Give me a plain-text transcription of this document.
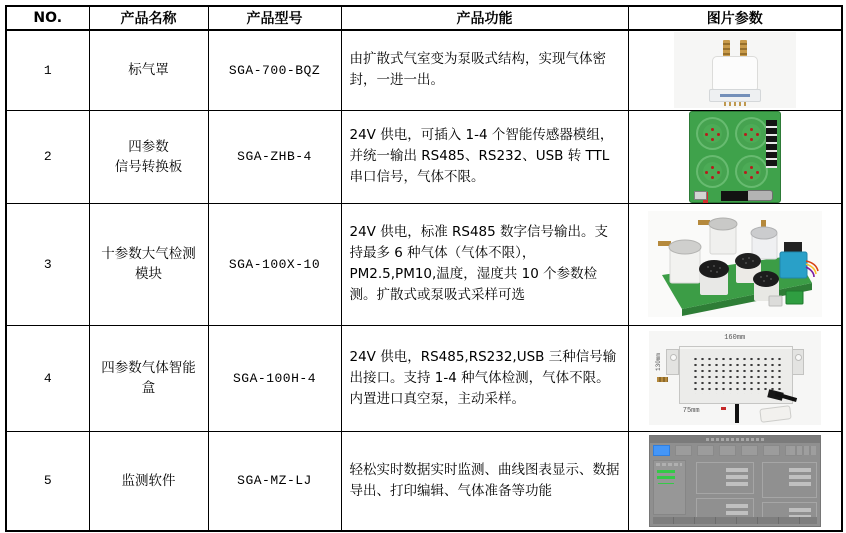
NO.	产品名称	产品型号	产品功能	图片参数
1	标气罩	SGA-700-BQZ	由扩散式气室变为泵吸式结构，实现气体密封，一进一出。	

2	四参数
信号转换板	SGA-ZHB-4	24V 供电，可插入 1-4 个智能传感器模组，并统一输出 RS485、RS232、USB 转 TTL 串口信号，气体不限。	

3	十参数大气检测
模块	SGA-100X-10	24V 供电，标准 RS485 数字信号输出。支持最多 6 种气体（气体不限），PM2.5,PM10,温度，湿度共 10 个参数检测。扩散式或泵吸式采样可选	

4	四参数气体智能
盒	SGA-100H-4	24V 供电，RS485,RS232,USB 三种信号输出接口。支持 1-4 种气体检测，气体不限。内置进口真空泵，主动采样。	160mm
130mm
75mm

5	监测软件	SGA-MZ-LJ	轻松实时数据实时监测、曲线图表显示、数据导出、打印编辑、气体准备等功能	
